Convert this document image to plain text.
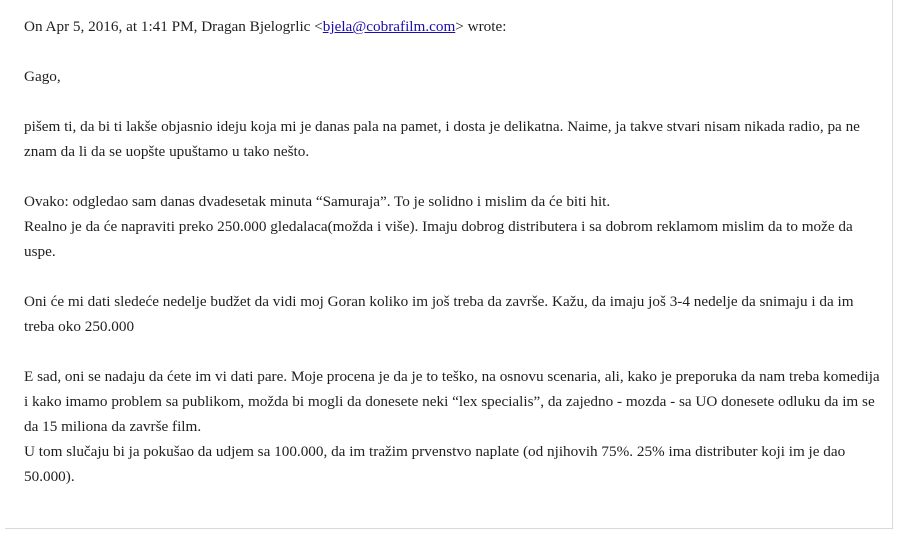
On Apr 5, 2016, at 1:41 PM, Dragan Bjelogrlic <bjela@cobrafilm.com> wrote:

Gago,

pišem ti, da bi ti lakše objasnio ideju koja mi je danas pala na pamet, i dosta je delikatna. Naime, ja takve stvari nisam nikada radio, pa ne znam da li da se uopšte upuštamo u tako nešto.

Ovako: odgledao sam danas dvadesetak minuta “Samuraja”. To je solidno i mislim da će biti hit.

Realno je da će napraviti preko 250.000 gledalaca(možda i više). Imaju dobrog distributera i sa dobrom reklamom mislim da to može da uspe.

Oni će mi dati sledeće nedelje budžet da vidi moj Goran koliko im još treba da završe. Kažu, da imaju još 3-4 nedelje da snimaju i da im treba oko 250.000

E sad, oni se nadaju da ćete im vi dati pare. Moje procena je da je to teško, na osnovu scenaria, ali, kako je preporuka da nam treba komedija i kako imamo problem sa publikom, možda bi mogli da donesete neki “lex specialis”, da zajedno - mozda - sa UO donesete odluku da im se da 15 miliona da završe film.

U tom slučaju bi ja pokušao da udjem sa 100.000, da im tražim prvenstvo naplate (od njihovih 75%. 25% ima distributer koji im je dao 50.000).
